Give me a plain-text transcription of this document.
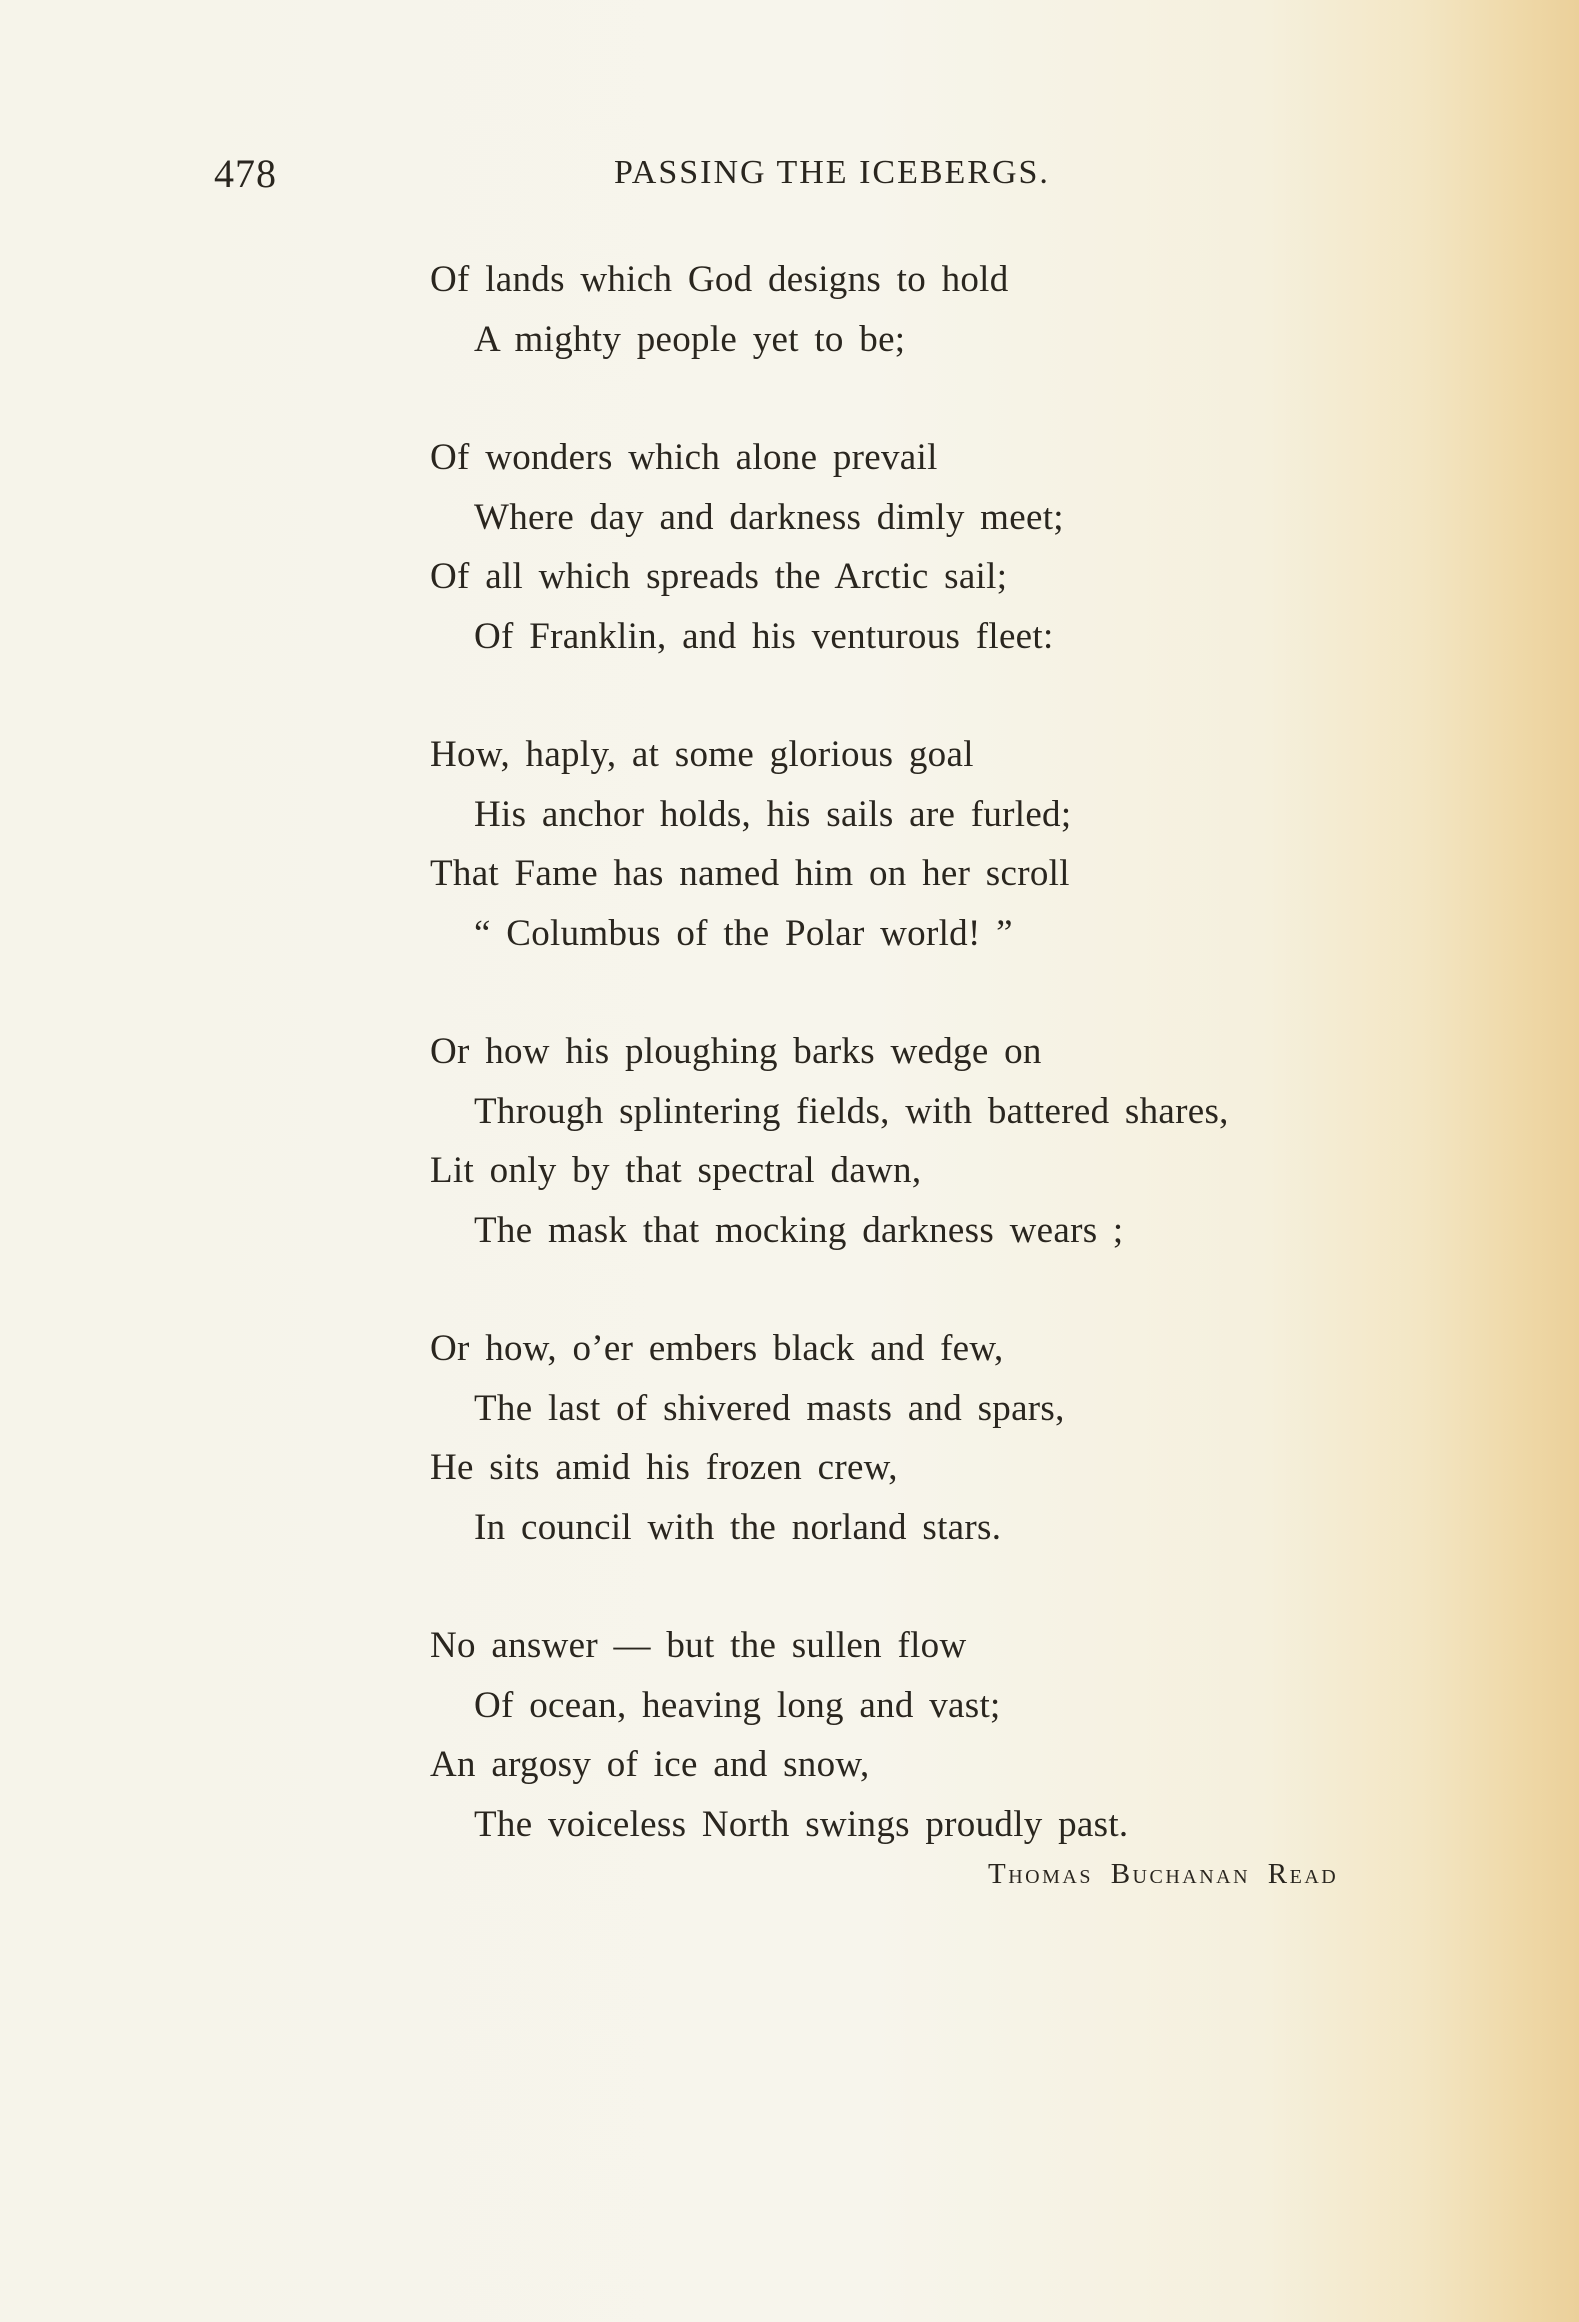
478	PASSING THE ICEBERGS.
Of lands which God designs to hold
A mighty people yet to be;
Of wonders which alone prevail
Where day and darkness dimly meet;
Of all which spreads the Arctic sail;
Of Franklin, and his venturous fleet:
How, haply, at some glorious goal
His anchor holds, his sails are furled;
That Fame has named him on her scroll
“ Columbus of the Polar world! ”
Or how his ploughing barks wedge on
Through splintering fields, with battered shares,
Lit only by that spectral dawn,
The mask that mocking darkness wears ;
Or how, o’er embers black and few,
The last of shivered masts and spars,
He sits amid his frozen crew,
In council with the norland stars.
No answer — but the sullen flow
Of ocean, heaving long and vast;
An argosy of ice and snow,
The voiceless North swings proudly past.
Thomas Buchanan Read
